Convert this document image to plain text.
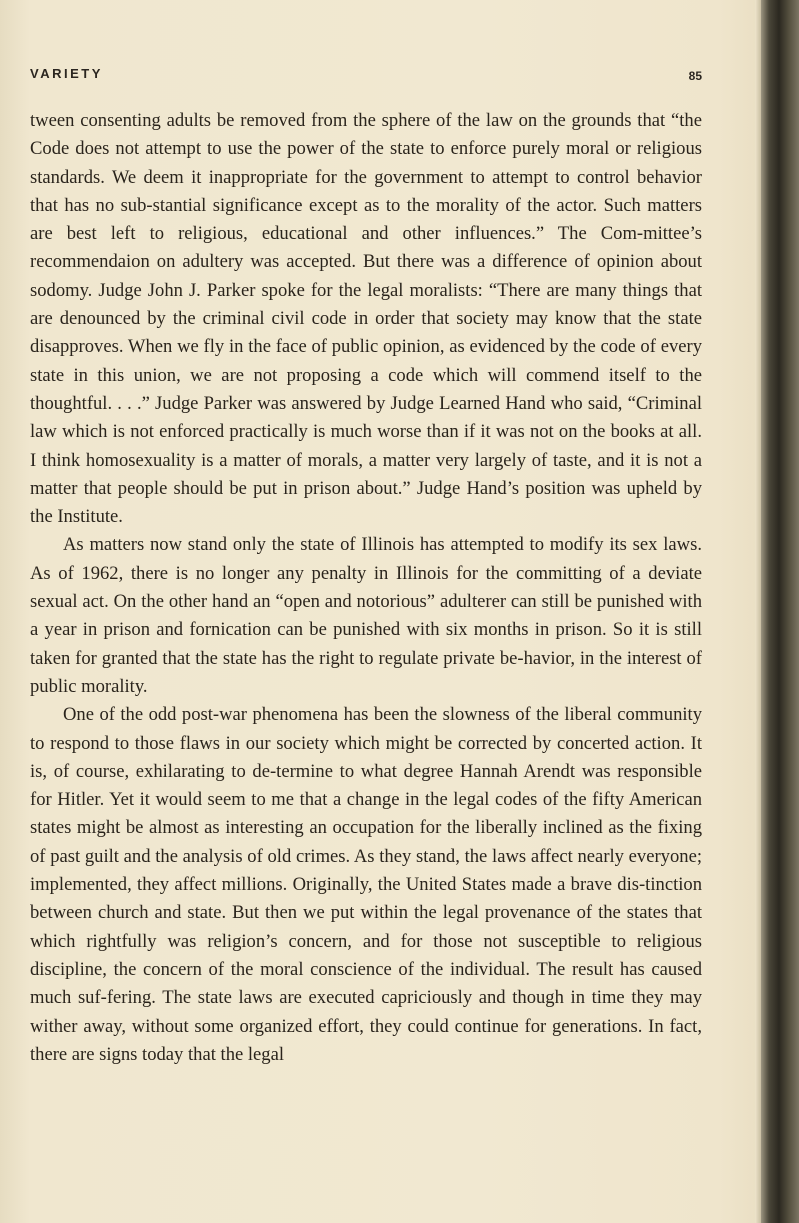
VARIETY	85

tween consenting adults be removed from the sphere of the law on the grounds that “the Code does not attempt to use the power of the state to enforce purely moral or religious standards. We deem it inappropriate for the government to attempt to control behavior that has no sub-stantial significance except as to the morality of the actor. Such matters are best left to religious, educational and other influences.” The Com-mittee’s recommendaion on adultery was accepted. But there was a difference of opinion about sodomy. Judge John J. Parker spoke for the legal moralists: “There are many things that are denounced by the criminal civil code in order that society may know that the state disapproves. When we fly in the face of public opinion, as evidenced by the code of every state in this union, we are not proposing a code which will commend itself to the thoughtful. . . .” Judge Parker was answered by Judge Learned Hand who said, “Criminal law which is not enforced practically is much worse than if it was not on the books at all. I think homosexuality is a matter of morals, a matter very largely of taste, and it is not a matter that people should be put in prison about.” Judge Hand’s position was upheld by the Institute.

As matters now stand only the state of Illinois has attempted to modify its sex laws. As of 1962, there is no longer any penalty in Illinois for the committing of a deviate sexual act. On the other hand an “open and notorious” adulterer can still be punished with a year in prison and fornication can be punished with six months in prison. So it is still taken for granted that the state has the right to regulate private be-havior, in the interest of public morality.

One of the odd post-war phenomena has been the slowness of the liberal community to respond to those flaws in our society which might be corrected by concerted action. It is, of course, exhilarating to de-termine to what degree Hannah Arendt was responsible for Hitler. Yet it would seem to me that a change in the legal codes of the fifty American states might be almost as interesting an occupation for the liberally inclined as the fixing of past guilt and the analysis of old crimes. As they stand, the laws affect nearly everyone; implemented, they affect millions. Originally, the United States made a brave dis-tinction between church and state. But then we put within the legal provenance of the states that which rightfully was religion’s concern, and for those not susceptible to religious discipline, the concern of the moral conscience of the individual. The result has caused much suf-fering. The state laws are executed capriciously and though in time they may wither away, without some organized effort, they could continue for generations. In fact, there are signs today that the legal
